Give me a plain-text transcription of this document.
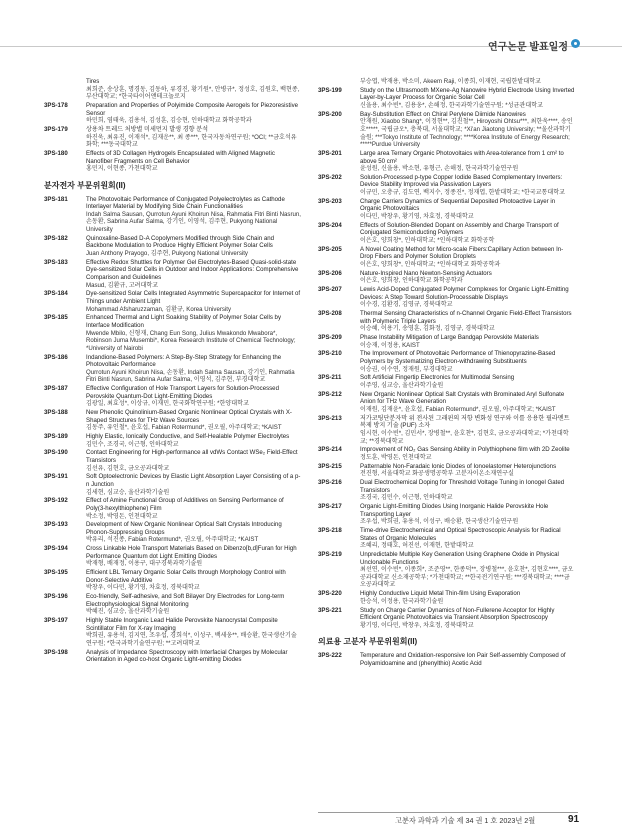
연구논문 발표일정
Tires
최희준, 송상훈, 명경동, 김동하, 류경진, 황기원*, 안병규*, 정성호, 김원호, 백현종, 부산대학교; *한국타이어앤테크놀로지
3PS-178	Preparation and Properties of Polyimide Composite Aerogels for Piezoresistive Sensor
하민희, 염태욱, 김용석, 김성훈, 김승현, 인하대학교 화학공학과
3PS-179	상용차 트레드 처방별 미세먼지 발생 경향 분석
하진욱, 최유진, 이재석*, 김재운**, 최 종***, 한국자동차연구원; *OCI; **금호석유화학; ***동국대학교
3PS-180	Effects of 3D Collagen Hydrogels Encapsulated with Aligned Magnetic Nanofiber Fragments on Cell Behavior
홍민지, 이현종, 가천대학교
분자전자 부문위원회(II)
3PS-181	The Photovoltaic Performance of Conjugated Polyelectrolytes as Cathode Interlayer Material by Modifying Side Chain Functionalities
Indah Salma Sausan, Qurrotun Ayuni Khoirun Nisa, Rahmatia Fitri Binti Nasrun, 손동환, Sabrina Aufar Salma, 강기인, 이영석, 김주현, Pukyong National University
3PS-182	Quinoxaline-Based D-A Copolymers Modified through Side Chain and Backbone Modulation to Produce Highly Efficient Polymer Solar Cells
Juan Anthony Prayogo, 김주현, Pukyong National University
3PS-183	Effective Redox Shuttles for Polymer Gel Electrolytes-Based Quasi-solid-state Dye-sensitized Solar Cells in Outdoor and Indoor Applications: Comprehensive Comparison and Guidelines
Masud, 김환규, 고려대학교
3PS-184	Dye-sensitized Solar Cells Integrated Asymmetric Supercapacitor for Internet of Things under Ambient Light
Mohammad Afsharuzzaman, 김환규, Korea University
3PS-185	Enhanced Thermal and Light Soaking Stability of Polymer Solar Cells by Interface Modification
Mwende Mbilo, 신형재, Chang Eun Song, Julius Mwakondo Mwabora*, Robinson Juma Musembi*, Korea Research Institute of Chemical Technology; *University of Nairobi
3PS-186	Indandione-Based Polymers: A Step-By-Step Strategy for Enhancing the Photovoltaic Performance
Qurrotun Ayuni Khoirun Nisa, 손동환, Indah Salma Sausan, 강기인, Rahmatia Fitri Binti Nasrun, Sabrina Aufar Salma, 이영석, 김주현, 부경대학교
3PS-187	Effective Configuration of Hole Transport Layers for Solution-Processed Perovskite Quantum-Dot Light-Emitting Diodes
김광일, 최효성*, 이상규, 이재민, 한국화학연구원; *한양대학교
3PS-188	New Phenolic Quinolinium-Based Organic Nonlinear Optical Crystals with X-Shaped Structures for THz Wave Sources
김동주, 유인철*, 윤호섭, Fabian Rotermund*, 권오필, 아주대학교; *KAIST
3PS-189	Highly Elastic, Ionically Conductive, and Self-Healable Polymer Electrolytes
김민수, 조경국, 이근형, 인하대학교
3PS-190	Contact Engineering for High-performance all vdWs Contact WSe₂ Field-Effect Transistors
김선유, 김현호, 금오공과대학교
3PS-191	Soft Optoelectronic Devices by Elastic Light Absorption Layer Consisting of a p-n Junction
김세현, 심교승, 울산과학기술원
3PS-192	Effect of Amine Functional Group of Additives on Sensing Performance of Poly(3-hexylthiophene) Film
박소정, 박영돈, 인천대학교
3PS-193	Development of New Organic Nonlinear Optical Salt Crystals Introducing Phonon-Suppressing Groups
박유리, 석진종, Fabian Rotermund*, 권오필, 아주대학교; *KAIST
3PS-194	Cross Linkable Hole Transport Materials Based on Dibenzo[b,d]Furan for High Performance Quantum dot Light Emitting Diodes
박재형, 배재정, 이용구, 대구경북과학기술원
3PS-195	Efficient LBL Ternary Organic Solar Cells through Morphology Control with Donor-Selective Additive
박창우, 이다민, 황기영, 차효정, 경북대학교
3PS-196	Eco-friendly, Self-adhesive, and Soft Bilayer Dry Electrodes for Long-term Electrophysiological Signal Monitoring
박혜진, 심교승, 울산과학기술원
3PS-197	Highly Stable Inorganic Lead Halide Perovskite Nanocrystal Composite Scintillator Film for X-ray Imaging
박희권, 유용석, 김지연, 조우섭, 경희석*, 이성구, 백세웅**, 배승환, 한국생산기술연구원; *한국과학기술연구원; **고려대학교
3PS-198	Analysis of Impedance Spectroscopy with Interfacial Charges by Molecular Orientation in Aged co-host Organic Light-emitting Diodes
부승엽, 박재용, 박소미, Akeem Raji, 이종희, 이재현, 국립한밭대학교
3PS-199	Study on the Ultrasmooth MXene-Ag Nanowire Hybrid Electrode Using Inverted Layer-by-Layer Process for Organic Solar Cell
신을용, 최수빈*, 김용웅*, 손해정, 한국과학기술연구원; *성균관대학교
3PS-200	Bay-Substitution Effect on Chiral Perylene Diimide Nanowires
안재원, Xiaobo Shang*, 이정현**, 김진철**, Hiroyoshi Ohtsu***, 최한욱****, 송인호*****, 국립금오*, 충북대, 서울대학교; *Xi'an Jiaotong University; **울산과학기술원; ***Tokyo Institute of Technology; ****Korea Institute of Energy Research; *****Purdue University
3PS-201	Large area Ternary Organic Photovoltaics with Area-tolerance from 1 cm² to above 50 cm²
윤성원, 신을용, 박소현, 유형근, 손해정, 한국과학기술연구원
3PS-202	Solution-Processed p-type Copper Iodide Based Complementary Inverters: Device Stability Improved via Passivation Layers
이규민, 오충규, 김도연, 백지수, 정종진*, 정재엽, 한밭대학교; *한국교통대학교
3PS-203	Charge Carriers Dynamics of Sequential Deposited Photoactive Layer in Organic Photovoltaics
이다민, 박창우, 황기영, 차효정, 경북대학교
3PS-204	Effects of Solution-Blended Dopant on Assembly and Charge Transport of Conjugated Semiconducting Polymers
이은호, 양희창*, 인하대학교; *인하대학교 화학공학
3PS-205	A Novel Coating Method for Micro-scale Fibers:Capillary Action between In-Drop Fibers and Polymer Solution Droplets
이은호, 양희창*, 인하대학교; *인하대학교 화학공학과
3PS-206	Nature-Inspired Nano Newton-Sensing Actuators
이은호, 양희창, 인하대학교 화학공학과
3PS-207	Lewis Acid-Doped Conjugated Polymer Complexes for Organic Light-Emitting Devices: A Step Toward Solution-Processable Displays
이수경, 김환경, 김영규, 경북대학교
3PS-208	Thermal Sensing Characteristics of n-Channel Organic Field-Effect Transistors with Polymeric Triple Layers
이승혜, 이용기, 송영훈, 김화정, 김영규, 경북대학교
3PS-209	Phase Instability Mitigation of Large Bandgap Perovskite Materials
이승재, 이정용, KAIST
3PS-210	The Improvement of Photovoltaic Performance of Thienopyrazine-Based Polymers by Systematizing Electron-withdrawing Substituents
이승권, 이수연, 정재원, 부경대학교
3PS-211	Soft Artificial Fingertip Electronics for Multimodal Sensing
이주영, 심교승, 울산과학기술원
3PS-212	New Organic Nonlinear Optical Salt Crystals with Brominated Aryl Sulfonate Anion for THz Wave Generation
이재원, 김재윤*, 윤호섭, Fabian Rotermund*, 권오필, 아주대학교; *KAIST
3PS-213	저가코팅단분자막 위 전사된 그래핀의 저항 변화성 연구와 이를 응용한 필라멘트 복제 방지 기술 (PUF) 소자
임시현, 이수빈*, 김민서*, 장병철**, 윤호찬*, 김현호, 금오공과대학교; *가천대학교; **경북대학교
3PS-214	Improvement of NO₂ Gas Sensing Ability in Polythiophene film with 2D Zeolite
정도훈, 박영돈, 인천대학교
3PS-215	Patternable Non-Faradaic Ionic Diodes of Ionoelastomer Heterojunctions
전진형, 서울대학교 화공생명공학부 고분자이온소재연구실
3PS-216	Dual Electrochemical Doping for Threshold Voltage Tuning in Ionogel Gated Transistors
조경국, 김민수, 이근형, 인하대학교
3PS-217	Organic Light-Emitting Diodes Using Inorganic Halide Perovskite Hole Transporting Layer
조우섭, 박희권, 유용석, 이성구, 배승환, 한국생산기술연구원
3PS-218	Time-drive Electrochemical and Optical Spectroscopic Analysis for Radical States of Organic Molecules
조혜리, 정태호, 허진선, 이재현, 한밭대학교
3PS-219	Unpredictable Multiple Key Generation Using Graphene Oxide in Physical Unclonable Functions
최선연, 이수빈*, 이종희*, 조준영**, 한종덕**, 장병철***, 윤호찬*, 김현호****, 금오공과대학교 신소재공학부; *가천대학교; **한국전기연구원; ***경북대학교; ****금오공과대학교
3PS-220	Highly Conductive Liquid Metal Thin-film Using Evaporation
한승석, 이정용, 한국과학기술원
3PS-221	Study on Charge Carrier Dynamics of Non-Fullerene Acceptor for Highly Efficient Organic Photovoltaics via Transient Absorption Spectroscopy
황기영, 이다민, 박창우, 차효정, 경북대학교
의료용 고분자 부문위원회(II)
3PS-222	Temperature and Oxidation-responsive Ion Pair Self-assembly Composed of Polyamidoamine and (phenylthio) Acetic Acid
고분자 과학과 기술 제 34 권 1 호 2023년 2월	91
